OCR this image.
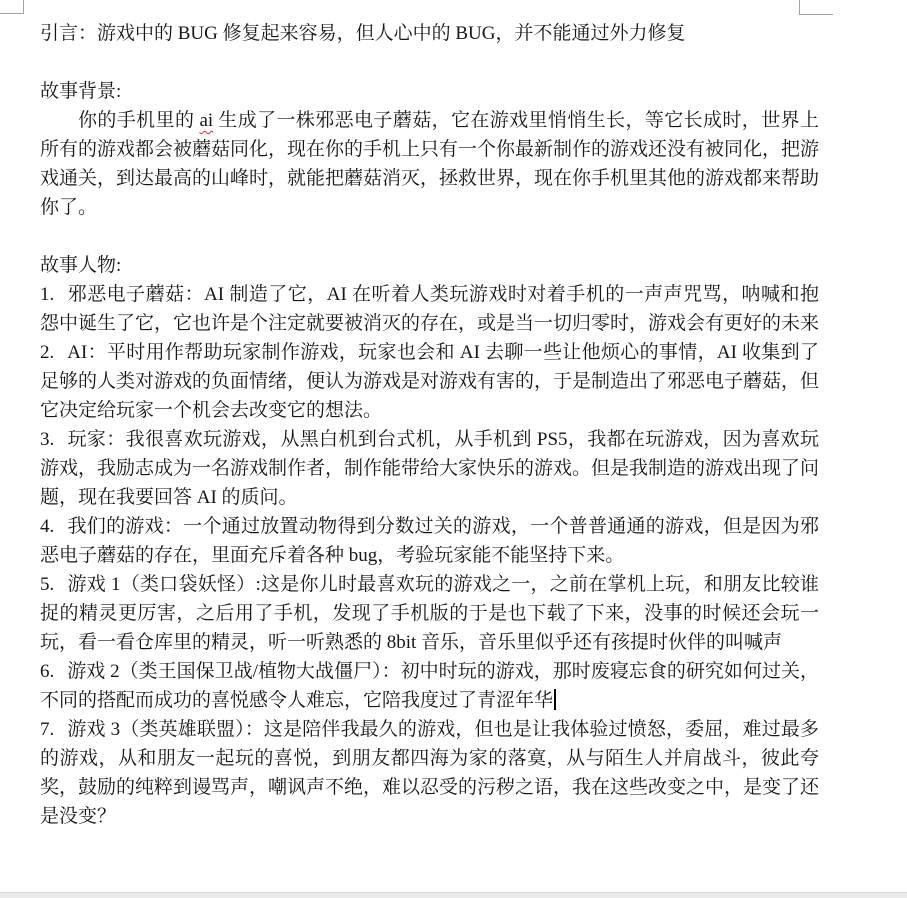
引言：游戏中的 BUG 修复起来容易，但人心中的 BUG，并不能通过外力修复

故事背景:

你的手机里的 ai 生成了一株邪恶电子蘑菇，它在游戏里悄悄生长，等它长成时，世界上所有的游戏都会被蘑菇同化，现在你的手机上只有一个你最新制作的游戏还没有被同化，把游戏通关，到达最高的山峰时，就能把蘑菇消灭，拯救世界，现在你手机里其他的游戏都来帮助你了。

故事人物:

1. 邪恶电子蘑菇：AI 制造了它，AI 在听着人类玩游戏时对着手机的一声声咒骂，呐喊和抱怨中诞生了它，它也许是个注定就要被消灭的存在，或是当一切归零时，游戏会有更好的未来

2. AI：平时用作帮助玩家制作游戏，玩家也会和 AI 去聊一些让他烦心的事情，AI 收集到了足够的人类对游戏的负面情绪，便认为游戏是对游戏有害的，于是制造出了邪恶电子蘑菇，但它决定给玩家一个机会去改变它的想法。

3. 玩家：我很喜欢玩游戏，从黑白机到台式机，从手机到 PS5，我都在玩游戏，因为喜欢玩游戏，我励志成为一名游戏制作者，制作能带给大家快乐的游戏。但是我制造的游戏出现了问题，现在我要回答 AI 的质问。

4. 我们的游戏：一个通过放置动物得到分数过关的游戏，一个普普通通的游戏，但是因为邪恶电子蘑菇的存在，里面充斥着各种 bug，考验玩家能不能坚持下来。

5. 游戏 1（类口袋妖怪）:这是你儿时最喜欢玩的游戏之一，之前在掌机上玩，和朋友比较谁捉的精灵更厉害，之后用了手机，发现了手机版的于是也下载了下来，没事的时候还会玩一玩，看一看仓库里的精灵，听一听熟悉的 8bit 音乐，音乐里似乎还有孩提时伙伴的叫喊声

6. 游戏 2（类王国保卫战/植物大战僵尸）：初中时玩的游戏，那时废寝忘食的研究如何过关，不同的搭配而成功的喜悦感令人难忘，它陪我度过了青涩年华

7. 游戏 3（类英雄联盟）：这是陪伴我最久的游戏，但也是让我体验过愤怒，委屈，难过最多的游戏，从和朋友一起玩的喜悦，到朋友都四海为家的落寞，从与陌生人并肩战斗，彼此夸奖，鼓励的纯粹到谩骂声，嘲讽声不绝，难以忍受的污秽之语，我在这些改变之中，是变了还是没变？
